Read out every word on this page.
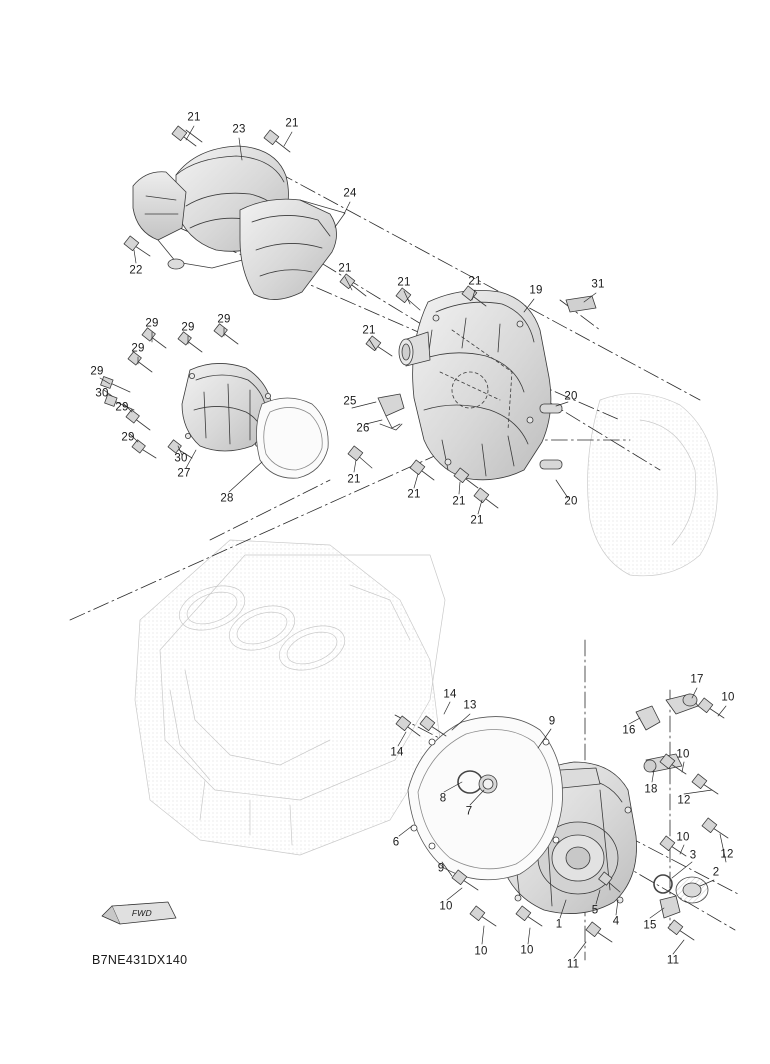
21
23	21
24
22	21
21	21
19	31
21
29 29
29
29
29
30
29
29
30
27
28
25
26
20
21
21
21
21
20
17
10
14
13
16
9
10
14
18
12
8
7
6	10
3 12
9	2
10	5
4
1	15
10	10
11	11
FWD
B7NE431DX140
